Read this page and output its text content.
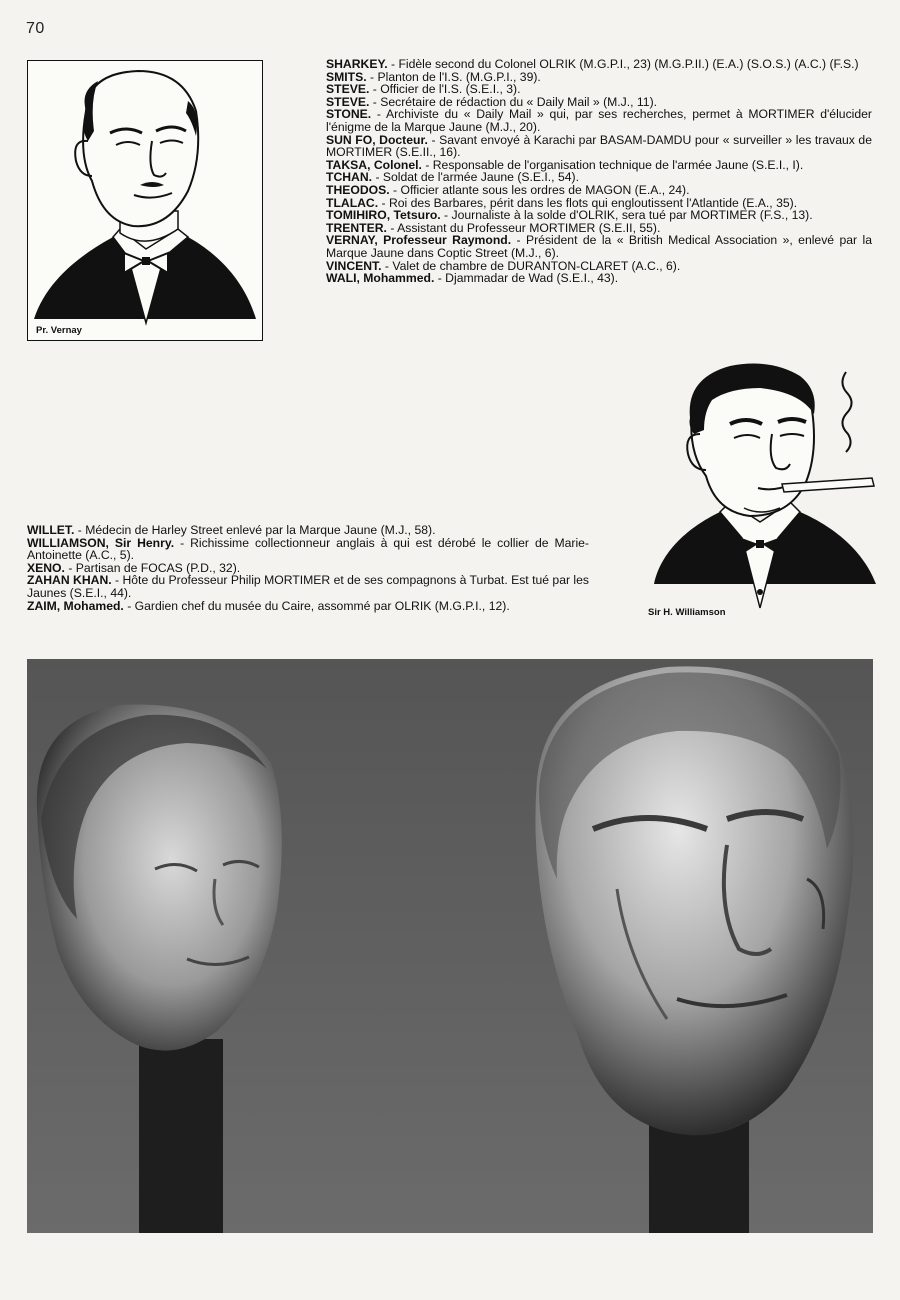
70
Pr. Vernay

SHARKEY. - Fidèle second du Colonel OLRIK (M.G.P.I., 23) (M.G.P.II.) (E.A.) (S.O.S.) (A.C.) (F.S.)

SMITS. - Planton de l'I.S. (M.G.P.I., 39).

STEVE. - Officier de l'I.S. (S.E.I., 3).

STEVE. - Secrétaire de rédaction du « Daily Mail » (M.J., 11).

STONE. - Archiviste du « Daily Mail » qui, par ses recherches, permet à MORTIMER d'élucider l'énigme de la Marque Jaune (M.J., 20).

SUN FO, Docteur. - Savant envoyé à Karachi par BASAM-DAMDU pour « surveiller » les travaux de MORTIMER (S.E.II., 16).

TAKSA, Colonel. - Responsable de l'organisation technique de l'armée Jaune (S.E.I., I).

TCHAN. - Soldat de l'armée Jaune (S.E.I., 54).

THEODOS. - Officier atlante sous les ordres de MAGON (E.A., 24).

TLALAC. - Roi des Barbares, périt dans les flots qui engloutissent l'Atlantide (E.A., 35).

TOMIHIRO, Tetsuro. - Journaliste à la solde d'OLRIK, sera tué par MORTIMER (F.S., 13).

TRENTER. - Assistant du Professeur MORTIMER (S.E.II, 55).

VERNAY, Professeur Raymond. - Président de la « British Medical Association », enlevé par la Marque Jaune dans Coptic Street (M.J., 6).

VINCENT. - Valet de chambre de DURANTON-CLARET (A.C., 6).

WALI, Mohammed. - Djammadar de Wad (S.E.I., 43).

Sir H. Williamson

WILLET. - Médecin de Harley Street enlevé par la Marque Jaune (M.J., 58).

WILLIAMSON, Sir Henry. - Richissime collectionneur anglais à qui est dérobé le collier de Marie-Antoinette (A.C., 5).

XENO. - Partisan de FOCAS (P.D., 32).

ZAHAN KHAN. - Hôte du Professeur Philip MORTIMER et de ses compagnons à Turbat. Est tué par les Jaunes (S.E.I., 44).

ZAIM, Mohamed. - Gardien chef du musée du Caire, assommé par OLRIK (M.G.P.I., 12).
